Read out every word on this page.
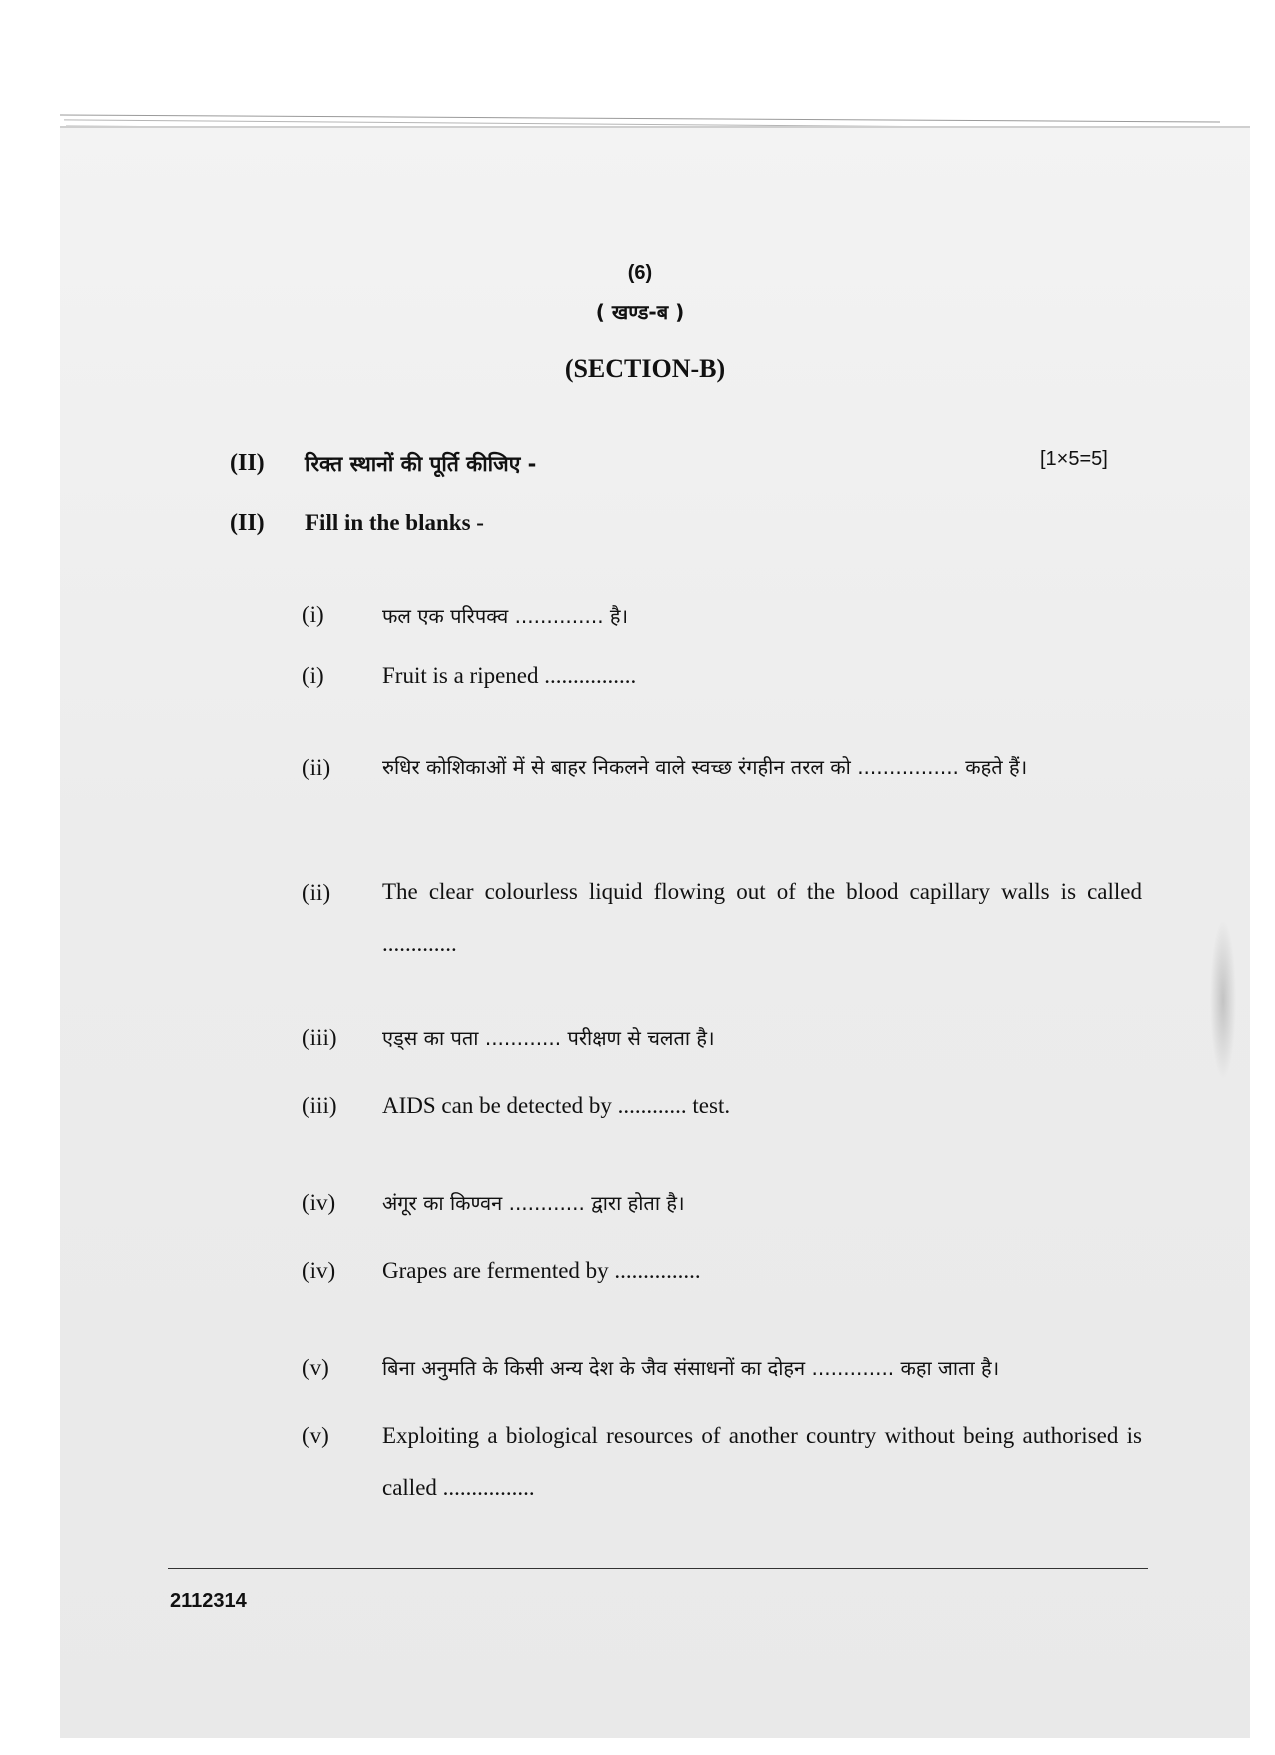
(6)
( खण्ड-ब )
(SECTION-B)
(II) रिक्त स्थानों की पूर्ति कीजिए -	[1×5=5]
(II) Fill in the blanks -
(i)	फल एक परिपक्व .............. है।
(i)	Fruit is a ripened ................
(ii)	रुधिर कोशिकाओं में से बाहर निकलने वाले स्वच्छ रंगहीन तरल को ................ कहते हैं।
(ii)	The clear colourless liquid flowing out of the blood capillary walls is called .............
(iii)	एड्स का पता ............ परीक्षण से चलता है।
(iii)	AIDS can be detected by ............ test.
(iv)	अंगूर का किण्वन ............ द्वारा होता है।
(iv)	Grapes are fermented by ...............
(v)	बिना अनुमति के किसी अन्य देश के जैव संसाधनों का दोहन ............. कहा जाता है।
(v)	Exploiting a biological resources of another country without being authorised is called ................
2112314
